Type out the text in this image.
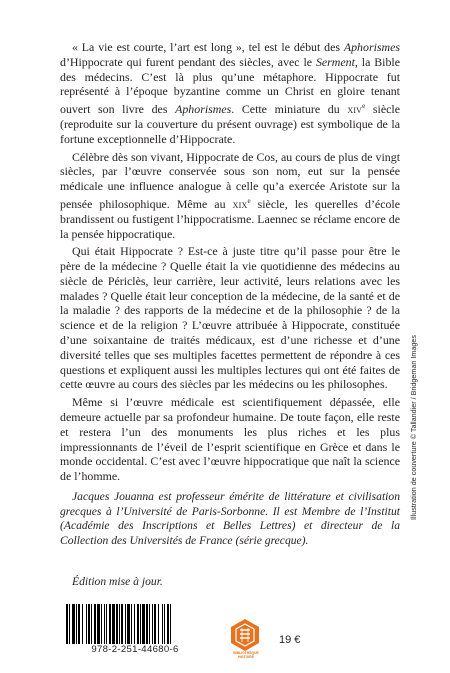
« La vie est courte, l’art est long », tel est le début des Aphorismes d’Hippocrate qui furent pendant des siècles, avec le Serment, la Bible des médecins. C’est là plus qu’une métaphore. Hippocrate fut représenté à l’époque byzantine comme un Christ en gloire tenant ouvert son livre des Aphorismes. Cette miniature du xiv$^e$ siècle (reproduite sur la couverture du présent ouvrage) est symbolique de la fortune exceptionnelle d’Hippocrate.

Célèbre dès son vivant, Hippocrate de Cos, au cours de plus de vingt siècles, par l’œuvre conservée sous son nom, eut sur la pensée médicale une influence analogue à celle qu’a exercée Aristote sur la pensée philosophique. Même au xix$^e$ siècle, les querelles d’école brandissent ou fustigent l’hippocratisme. Laennec se réclame encore de la pensée hippocratique.

Qui était Hippocrate ? Est-ce à juste titre qu’il passe pour être le père de la médecine ? Quelle était la vie quotidienne des médecins au siècle de Périclès, leur carrière, leur activité, leurs relations avec les malades ? Quelle était leur conception de la médecine, de la santé et de la maladie ? des rapports de la médecine et de la philosophie ? de la science et de la religion ? L’œuvre attribuée à Hippocrate, constituée d’une soixantaine de traités médicaux, est d’une richesse et d’une diversité telles que ses multiples facettes permettent de répondre à ces questions et expliquent aussi les multiples lectures qui ont été faites de cette œuvre au cours des siècles par les médecins ou les philosophes.

Même si l’œuvre médicale est scientifiquement dépassée, elle demeure actuelle par sa profondeur humaine. De toute façon, elle reste et restera l’un des monuments les plus riches et les plus impressionnants de l’éveil de l’esprit scientifique en Grèce et dans le monde occidental. C’est avec l’œuvre hippocratique que naît la science de l’homme.

Jacques Jouanna est professeur émérite de littérature et civilisation grecques à l’Université de Paris-Sorbonne. Il est Membre de l’Institut (Académie des Inscriptions et Belles Lettres) et directeur de la Collection des Universités de France (série grecque).

Édition mise à jour.
Illustration de couverture © Tallandier / Bridgeman Images
978-2-251-44680-6	BIBLIOTHÈQUE HISTOIRE
19 €
